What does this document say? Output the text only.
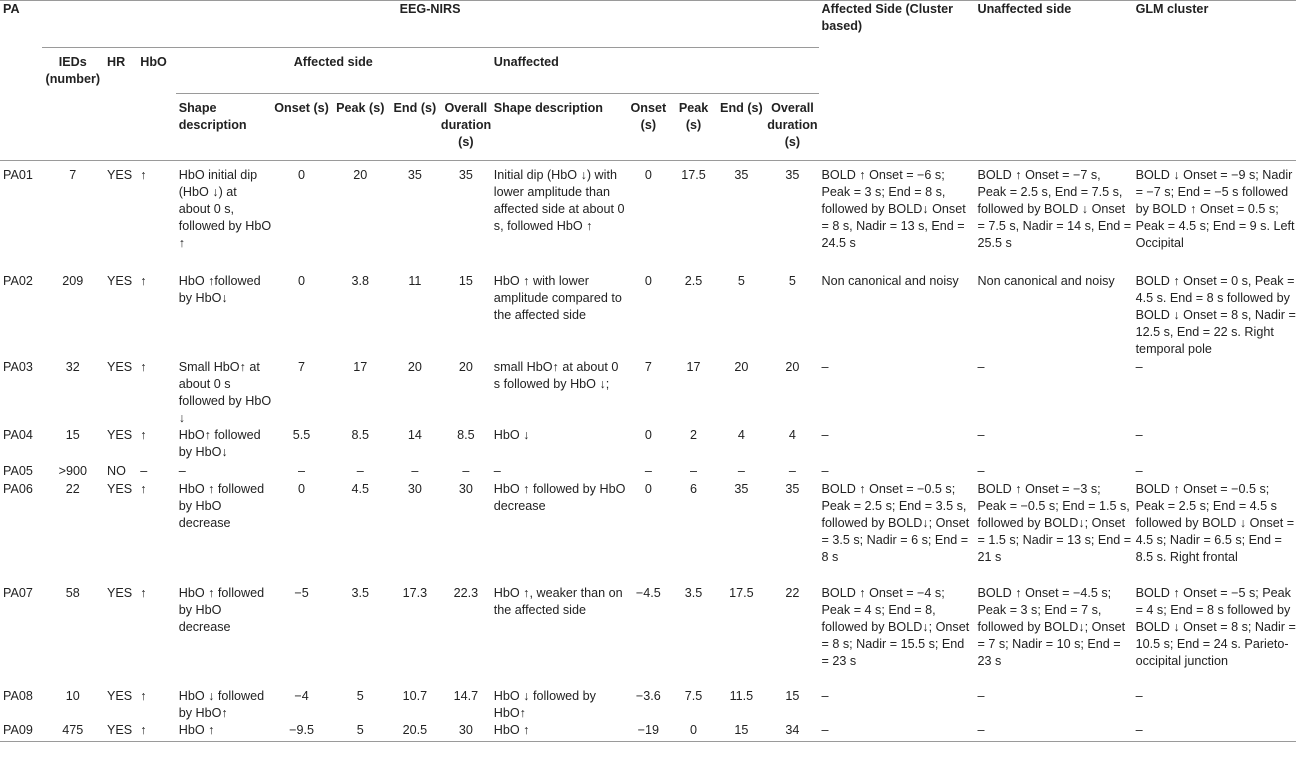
PA	EEG-NIRS													Affected Side (Cluster based)	Unaffected side	GLM cluster
	IEDs (number)	HR	HbO	Affected side					Unaffected							
				Shape description	Onset (s)	Peak (s)	End (s)	Overall duration (s)	Shape description	Onset (s)	Peak (s)	End (s)	Overall duration (s)			
PA01	7	YES	↑	HbO initial dip (HbO ↓) at about 0 s, followed by HbO ↑	0	20	35	35	Initial dip (HbO ↓) with lower amplitude than affected side at about 0 s, followed HbO ↑	0	17.5	35	35	BOLD ↑ Onset = −6 s; Peak = 3 s; End = 8 s, followed by BOLD↓ Onset = 8 s, Nadir = 13 s, End = 24.5 s	BOLD ↑ Onset = −7 s, Peak = 2.5 s, End = 7.5 s, followed by BOLD ↓ Onset = 7.5 s, Nadir = 14 s, End = 25.5 s	BOLD ↓ Onset = −9 s; Nadir = −7 s; End = −5 s followed by BOLD ↑ Onset = 0.5 s; Peak = 4.5 s; End = 9 s. Left Occipital
PA02	209	YES	↑	HbO ↑followed by HbO↓	0	3.8	11	15	HbO ↑ with lower amplitude compared to the affected side	0	2.5	5	5	Non canonical and noisy	Non canonical and noisy	BOLD ↑ Onset = 0 s, Peak = 4.5 s. End = 8 s followed by BOLD ↓ Onset = 8 s, Nadir = 12.5 s, End = 22 s. Right temporal pole
PA03	32	YES	↑	Small HbO↑ at about 0 s followed by HbO ↓	7	17	20	20	small HbO↑ at about 0 s followed by HbO ↓;	7	17	20	20	–	–	–
PA04	15	YES	↑	HbO↑ followed by HbO↓	5.5	8.5	14	8.5	HbO ↓	0	2	4	4	–	–	–
PA05	>900	NO	–	–	–	–	–	–	–	–	–	–	–	–	–	–
PA06	22	YES	↑	HbO ↑ followed by HbO decrease	0	4.5	30	30	HbO ↑ followed by HbO decrease	0	6	35	35	BOLD ↑ Onset = −0.5 s; Peak = 2.5 s; End = 3.5 s, followed by BOLD↓; Onset = 3.5 s; Nadir = 6 s; End = 8 s	BOLD ↑ Onset = −3 s; Peak = −0.5 s; End = 1.5 s, followed by BOLD↓; Onset = 1.5 s; Nadir = 13 s; End = 21 s	BOLD ↑ Onset = −0.5 s; Peak = 2.5 s; End = 4.5 s followed by BOLD ↓ Onset = 4.5 s; Nadir = 6.5 s; End = 8.5 s. Right frontal
PA07	58	YES	↑	HbO ↑ followed by HbO decrease	−5	3.5	17.3	22.3	HbO ↑, weaker than on the affected side	−4.5	3.5	17.5	22	BOLD ↑ Onset = −4 s; Peak = 4 s; End = 8, followed by BOLD↓; Onset = 8 s; Nadir = 15.5 s; End = 23 s	BOLD ↑ Onset = −4.5 s; Peak = 3 s; End = 7 s, followed by BOLD↓; Onset = 7 s; Nadir = 10 s; End = 23 s	BOLD ↑ Onset = −5 s; Peak = 4 s; End = 8 s followed by BOLD ↓ Onset = 8 s; Nadir = 10.5 s; End = 24 s. Parieto-occipital junction
PA08	10	YES	↑	HbO ↓ followed by HbO↑	−4	5	10.7	14.7	HbO ↓ followed by HbO↑	−3.6	7.5	11.5	15	–	–	–
PA09	475	YES	↑	HbO ↑	−9.5	5	20.5	30	HbO ↑	−19	0	15	34	–	–	–
